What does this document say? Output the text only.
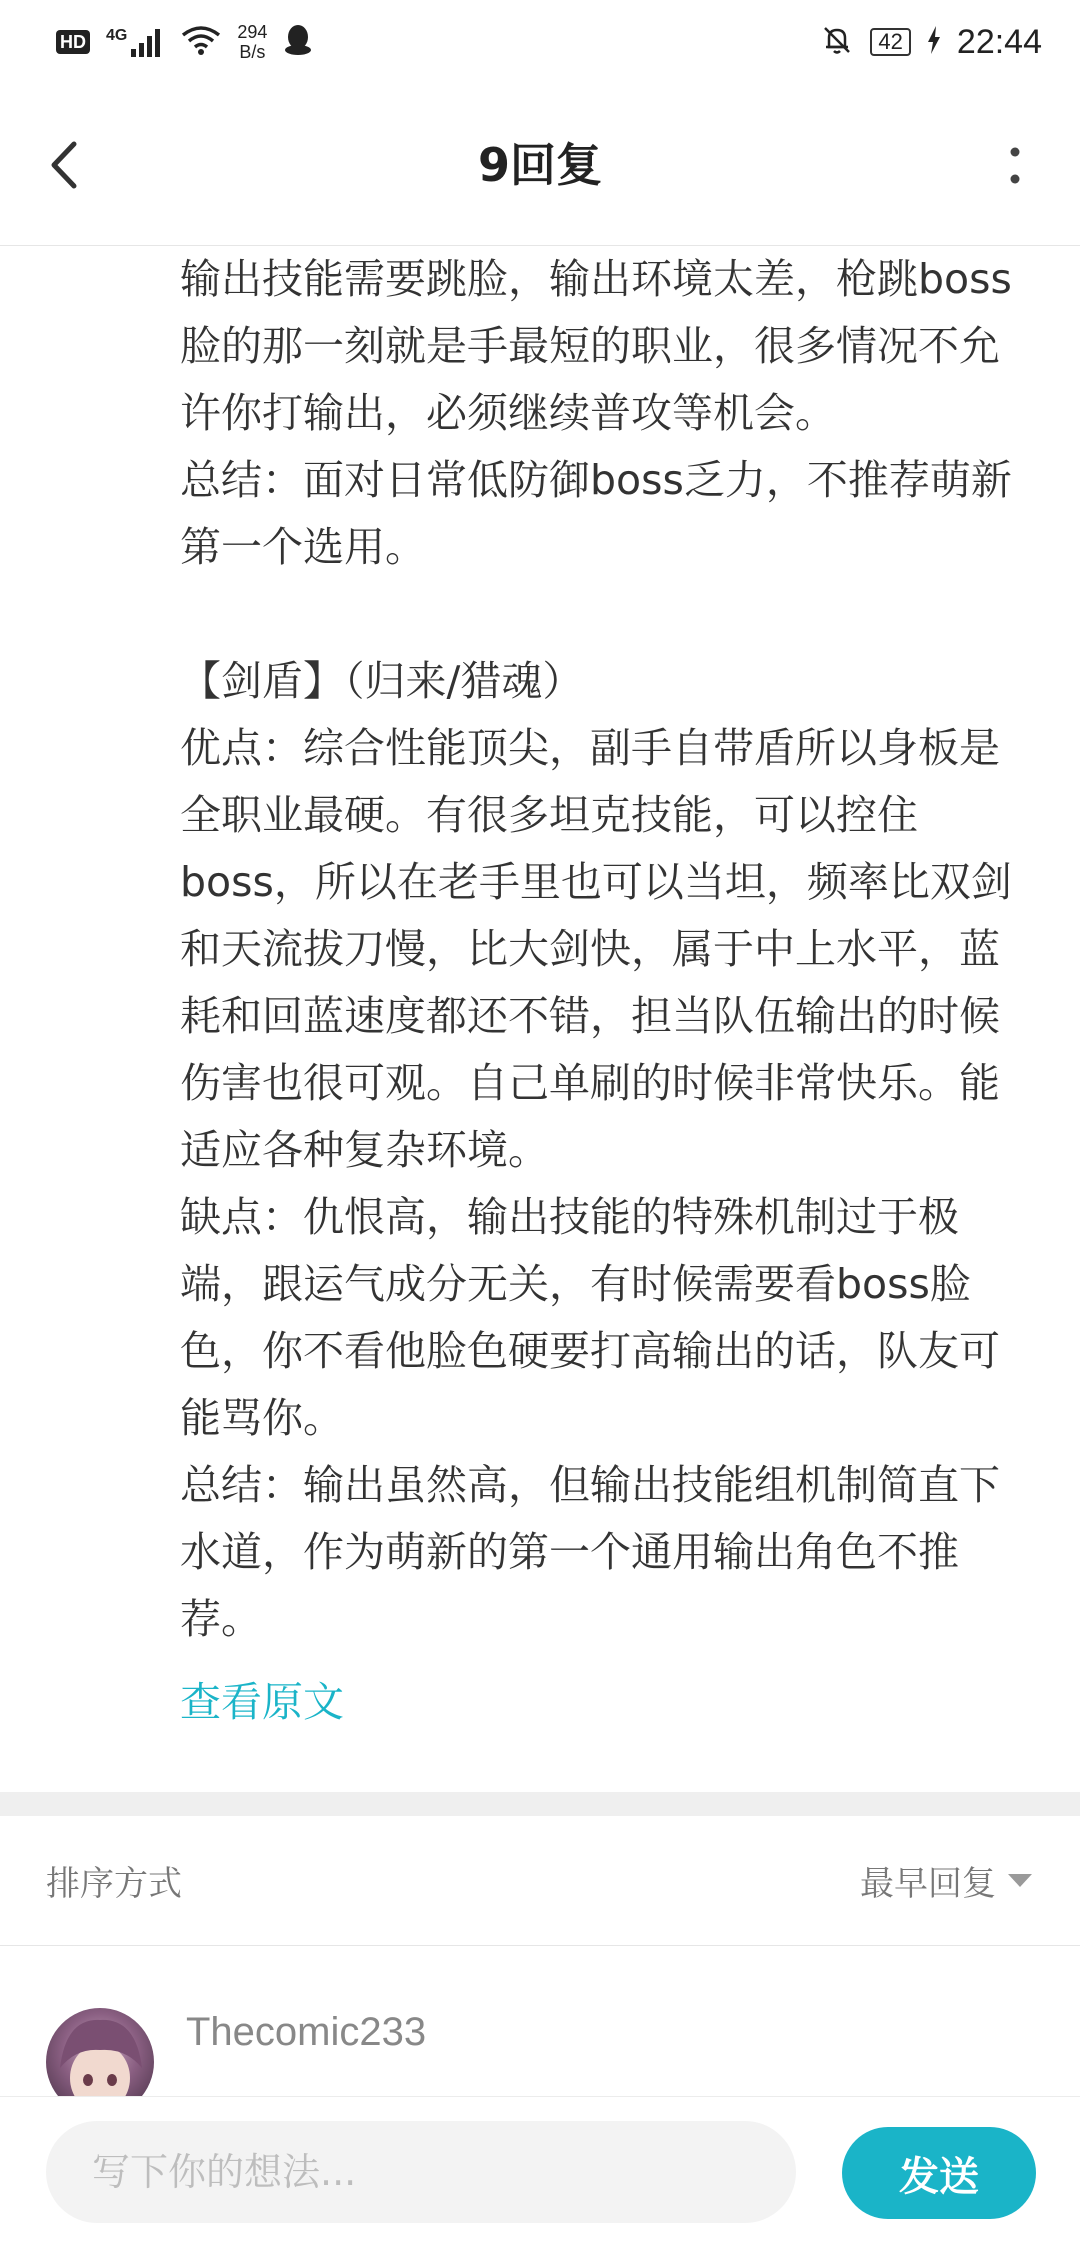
HD 4G	294
B/s	42 22:44
9回复

输出技能需要跳脸，输出环境太差，枪跳boss脸的那一刻就是手最短的职业，很多情况不允许你打输出，必须继续普攻等机会。

总结：面对日常低防御boss乏力，不推荐萌新第一个选用。

【剑盾】（归来/猎魂）

优点：综合性能顶尖，副手自带盾所以身板是全职业最硬。有很多坦克技能，可以控住boss，所以在老手里也可以当坦，频率比双剑和天流拔刀慢，比大剑快，属于中上水平，蓝耗和回蓝速度都还不错，担当队伍输出的时候伤害也很可观。自己单刷的时候非常快乐。能适应各种复杂环境。

缺点：仇恨高，输出技能的特殊机制过于极端，跟运气成分无关，有时候需要看boss脸色，你不看他脸色硬要打高输出的话，队友可能骂你。

总结：输出虽然高，但输出技能组机制简直下水道，作为萌新的第一个通用输出角色不推荐。

查看原文
排序方式	最早回复
Thecomic233
写下你的想法...
发送
